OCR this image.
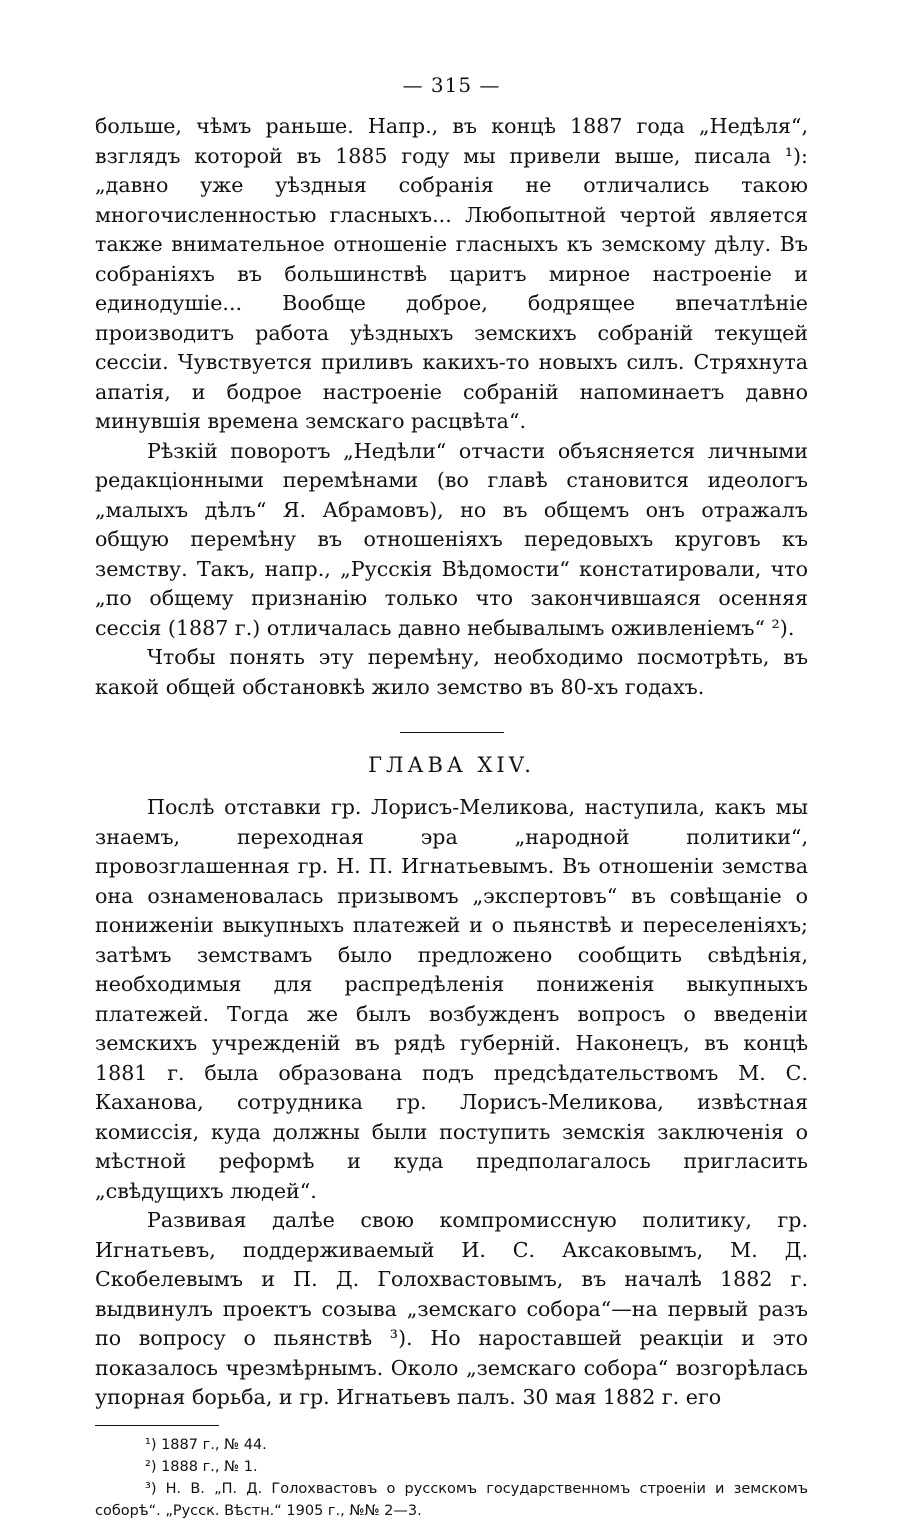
— 315 —

больше, чѣмъ раньше. Напр., въ концѣ 1887 года „Недѣля“, взглядъ которой въ 1885 году мы привели выше, писала ¹): „давно уже уѣздныя собранія не отличались такою многочисленностью гласныхъ... Любопытной чертой является также внимательное отношеніе гласныхъ къ земскому дѣлу. Въ собраніяхъ въ большинствѣ царитъ мирное настроеніе и единодушіе... Вообще доброе, бодрящее впечатлѣніе производитъ работа уѣздныхъ земскихъ собраній текущей сессіи. Чувствуется приливъ какихъ-то новыхъ силъ. Стряхнута апатія, и бодрое настроеніе собраній напоминаетъ давно минувшія времена земскаго расцвѣта“.

Рѣзкій поворотъ „Недѣли“ отчасти объясняется личными редакціонными перемѣнами (во главѣ становится идеологъ „малыхъ дѣлъ“ Я. Абрамовъ), но въ общемъ онъ отражалъ общую перемѣну въ отношеніяхъ передовыхъ круговъ къ земству. Такъ, напр., „Русскія Вѣдомости“ констатировали, что „по общему признанію только что закончившаяся осенняя сессія (1887 г.) отличалась давно небывалымъ оживленіемъ“ ²).

Чтобы понять эту перемѣну, необходимо посмотрѣть, въ какой общей обстановкѣ жило земство въ 80-хъ годахъ.

ГЛАВА XIV.

Послѣ отставки гр. Лорисъ-Меликова, наступила, какъ мы знаемъ, переходная эра „народной политики“, провозглашенная гр. Н. П. Игнатьевымъ. Въ отношеніи земства она ознаменовалась призывомъ „экспертовъ“ въ совѣщаніе о пониженіи выкупныхъ платежей и о пьянствѣ и переселеніяхъ; затѣмъ земствамъ было предложено сообщить свѣдѣнія, необходимыя для распредѣленія пониженія выкупныхъ платежей. Тогда же былъ возбужденъ вопросъ о введеніи земскихъ учрежденій въ рядѣ губерній. Наконецъ, въ концѣ 1881 г. была образована подъ предсѣдательствомъ М. С. Каханова, сотрудника гр. Лорисъ-Меликова, извѣстная комиссія, куда должны были поступить земскія заключенія о мѣстной реформѣ и куда предполагалось пригласить „свѣдущихъ людей“.

Развивая далѣе свою компромиссную политику, гр. Игнатьевъ, поддерживаемый И. С. Аксаковымъ, М. Д. Скобелевымъ и П. Д. Голохвастовымъ, въ началѣ 1882 г. выдвинулъ проектъ созыва „земскаго собора“—на первый разъ по вопросу о пьянствѣ ³). Но нароставшей реакціи и это показалось чрезмѣрнымъ. Около „земскаго собора“ возгорѣлась упорная борьба, и гр. Игнатьевъ палъ. 30 мая 1882 г. его

¹) 1887 г., № 44.

²) 1888 г., № 1.

³) Н. В. „П. Д. Голохвастовъ о русскомъ государственномъ строеніи и земскомъ соборѣ“. „Русск. Вѣстн.“ 1905 г., №№ 2—3.
